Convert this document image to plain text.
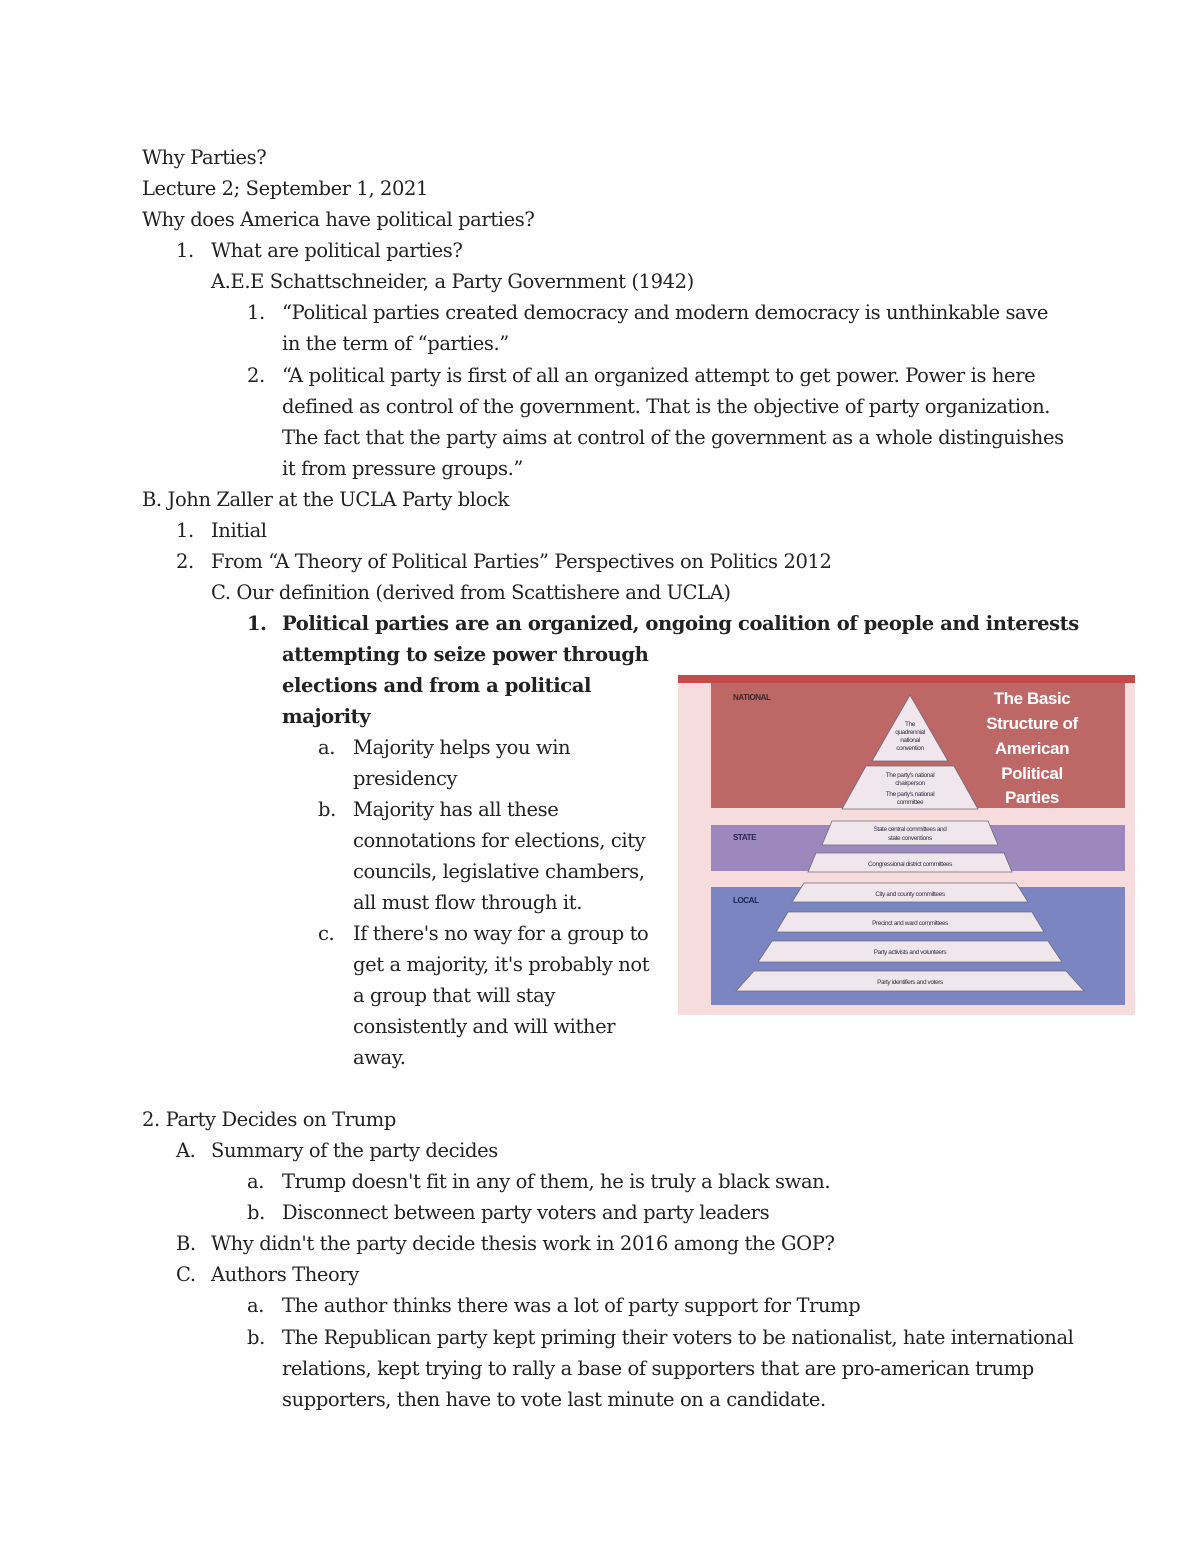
Why Parties?
Lecture 2; September 1, 2021
Why does America have political parties?
1. What are political parties?
A.E.E Schattschneider, a Party Government (1942)
1. “Political parties created democracy and modern democracy is unthinkable save
in the term of “parties.”
2. “A political party is first of all an organized attempt to get power. Power is here
defined as control of the government. That is the objective of party organization.
The fact that the party aims at control of the government as a whole distinguishes
it from pressure groups.”
B. John Zaller at the UCLA Party block
1. Initial
2. From “A Theory of Political Parties” Perspectives on Politics 2012
C. Our definition (derived from Scattishere and UCLA)
1. Political parties are an organized, ongoing coalition of people and interests
attempting to seize power through
elections and from a political
majority
a. Majority helps you win
presidency
b. Majority has all these
connotations for elections, city
councils, legislative chambers,
all must flow through it.
c. If there's no way for a group to
get a majority, it's probably not
a group that will stay
consistently and will wither
away.
2. Party Decides on Trump
A. Summary of the party decides
a. Trump doesn't fit in any of them, he is truly a black swan.
b. Disconnect between party voters and party leaders
B. Why didn't the party decide thesis work in 2016 among the GOP?
C. Authors Theory
a. The author thinks there was a lot of party support for Trump
b. The Republican party kept priming their voters to be nationalist, hate international
relations, kept trying to rally a base of supporters that are pro-american trump
supporters, then have to vote last minute on a candidate.
NATIONAL
STATE
LOCAL
The Basic
Structure of
American
Political
Parties
The
quadrennial
national
convention
The party's national
chairperson
The party's national
committee
State central committees and
state conventions
Congressional district committees
City and county committees
Precinct and ward committees
Party activists and volunteers
Party identifiers and voters
